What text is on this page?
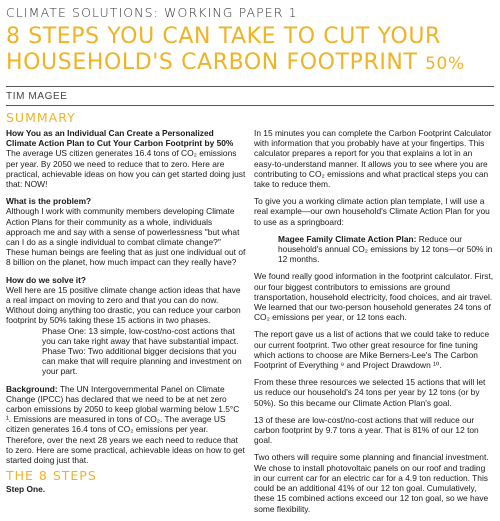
CLIMATE SOLUTIONS: WORKING PAPER 1
8 STEPS YOU CAN TAKE TO CUT YOUR
HOUSEHOLD'S CARBON FOOTPRINT 50%
TIM MAGEE
SUMMARY

How You as an Individual Can Create a Personalized Climate Action Plan to Cut Your Carbon Footprint by 50%
The average US citizen generates 16.4 tons of CO₂ emissions per year. By 2050 we need to reduce that to zero. Here are practical, achievable ideas on how you can get started doing just that: NOW!

What is the problem?
Although I work with community members developing Climate Action Plans for their community as a whole, individuals approach me and say with a sense of powerlessness "but what can I do as a single individual to combat climate change?" These human beings are feeling that as just one individual out of 8 billion on the planet, how much impact can they really have?

How do we solve it?
Well here are 15 positive climate change action ideas that have a real impact on moving to zero and that you can do now. Without doing anything too drastic, you can reduce your carbon footprint by 50% taking these 15 actions in two phases.

Phase One: 13 simple, low-cost/no-cost actions that you can take right away that have substantial impact.

Phase Two: Two additional bigger decisions that you can make that will require planning and investment on your part.

Background: The UN Intergovernmental Panel on Climate Change (IPCC) has declared that we need to be at net zero carbon emissions by 2050 to keep global warming below 1.5°C ¹. Emissions are measured in tons of CO₂. The average US citizen generates 16.4 tons of CO₂ emissions per year. Therefore, over the next 28 years we each need to reduce that to zero. Here are some practical, achievable ideas on how to get started doing just that.

THE 8 STEPS
Step One.

In 15 minutes you can complete the Carbon Footprint Calculator with information that you probably have at your fingertips. This calculator prepares a report for you that explains a lot in an easy-to-understand manner. It allows you to see where you are contributing to CO₂ emissions and what practical steps you can take to reduce them.

To give you a working climate action plan template, I will use a real example—our own household's Climate Action Plan for you to use as a springboard:

Magee Family Climate Action Plan: Reduce our household's annual CO₂ emissions by 12 tons—or 50% in 12 months.

We found really good information in the footprint calculator. First, our four biggest contributors to emissions are ground transportation, household electricity, food choices, and air travel. We learned that our two-person household generates 24 tons of CO₂ emissions per year, or 12 tons each.

The report gave us a list of actions that we could take to reduce our current footprint. Two other great resource for fine tuning which actions to choose are Mike Berners-Lee's The Carbon Footprint of Everything ⁹ and Project Drawdown ¹⁰.

From these three resources we selected 15 actions that will let us reduce our household's 24 tons per year by 12 tons (or by 50%). So this became our Climate Action Plan's goal.

13 of these are low-cost/no-cost actions that will reduce our carbon footprint by 9.7 tons a year. That is 81% of our 12 ton goal.

Two others will require some planning and financial investment. We chose to install photovoltaic panels on our roof and trading in our current car for an electric car for a 4.9 ton reduction. This could be an additional 41% of our 12 ton goal. Cumulatively, these 15 combined actions exceed our 12 ton goal, so we have some flexibility.
